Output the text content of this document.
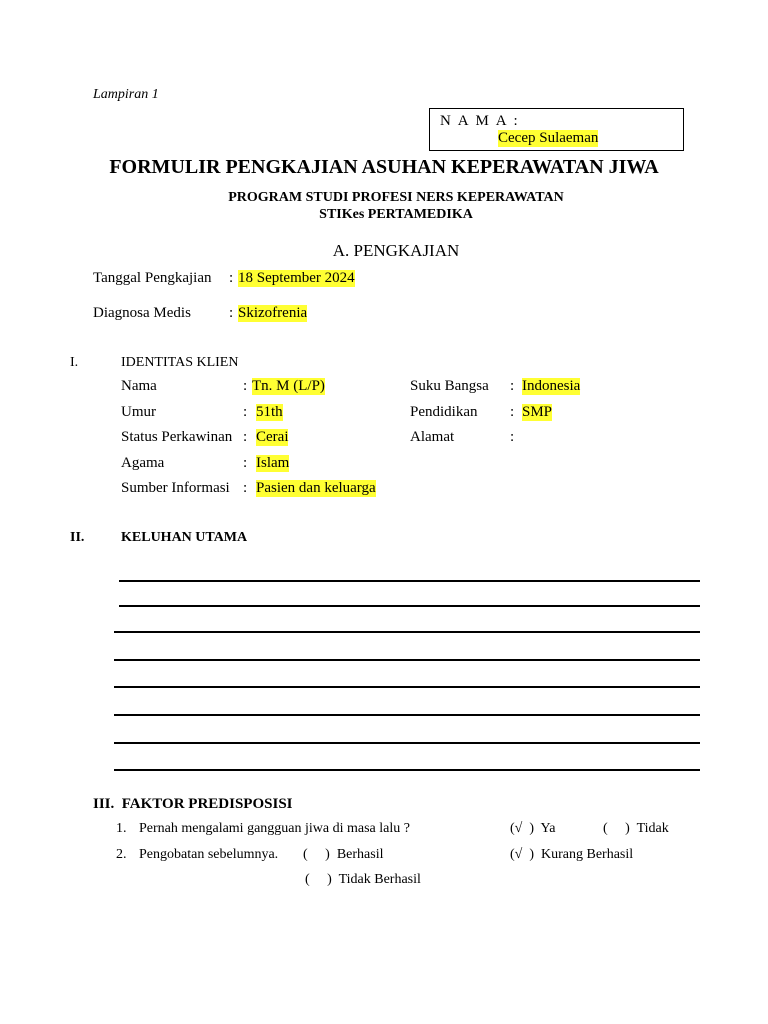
Lampiran 1
N A M A :
Cecep Sulaeman
FORMULIR PENGKAJIAN ASUHAN KEPERAWATAN JIWA
PROGRAM STUDI PROFESI NERS KEPERAWATAN
STIKes PERTAMEDIKA
A. PENGKAJIAN
Tanggal Pengkajian : 18 September 2024
Diagnosa Medis	: Skizofrenia
I.	IDENTITAS KLIEN
Nama	: Tn. M (L/P)
Umur	: 51th
Status Perkawinan : Cerai
Agama	: Islam
Sumber Informasi : Pasien dan keluarga
Suku Bangsa : Indonesia
Pendidikan : SMP
Alamat	:
II.	KELUHAN UTAMA
III.  FAKTOR PREDISPOSISI
1. Pernah mengalami gangguan jiwa di masa lalu ?	(√  )  Ya	(     )  Tidak
2. Pengobatan sebelumnya. (     )  Berhasil	(√  )  Kurang Berhasil
(     )  Tidak Berhasil
